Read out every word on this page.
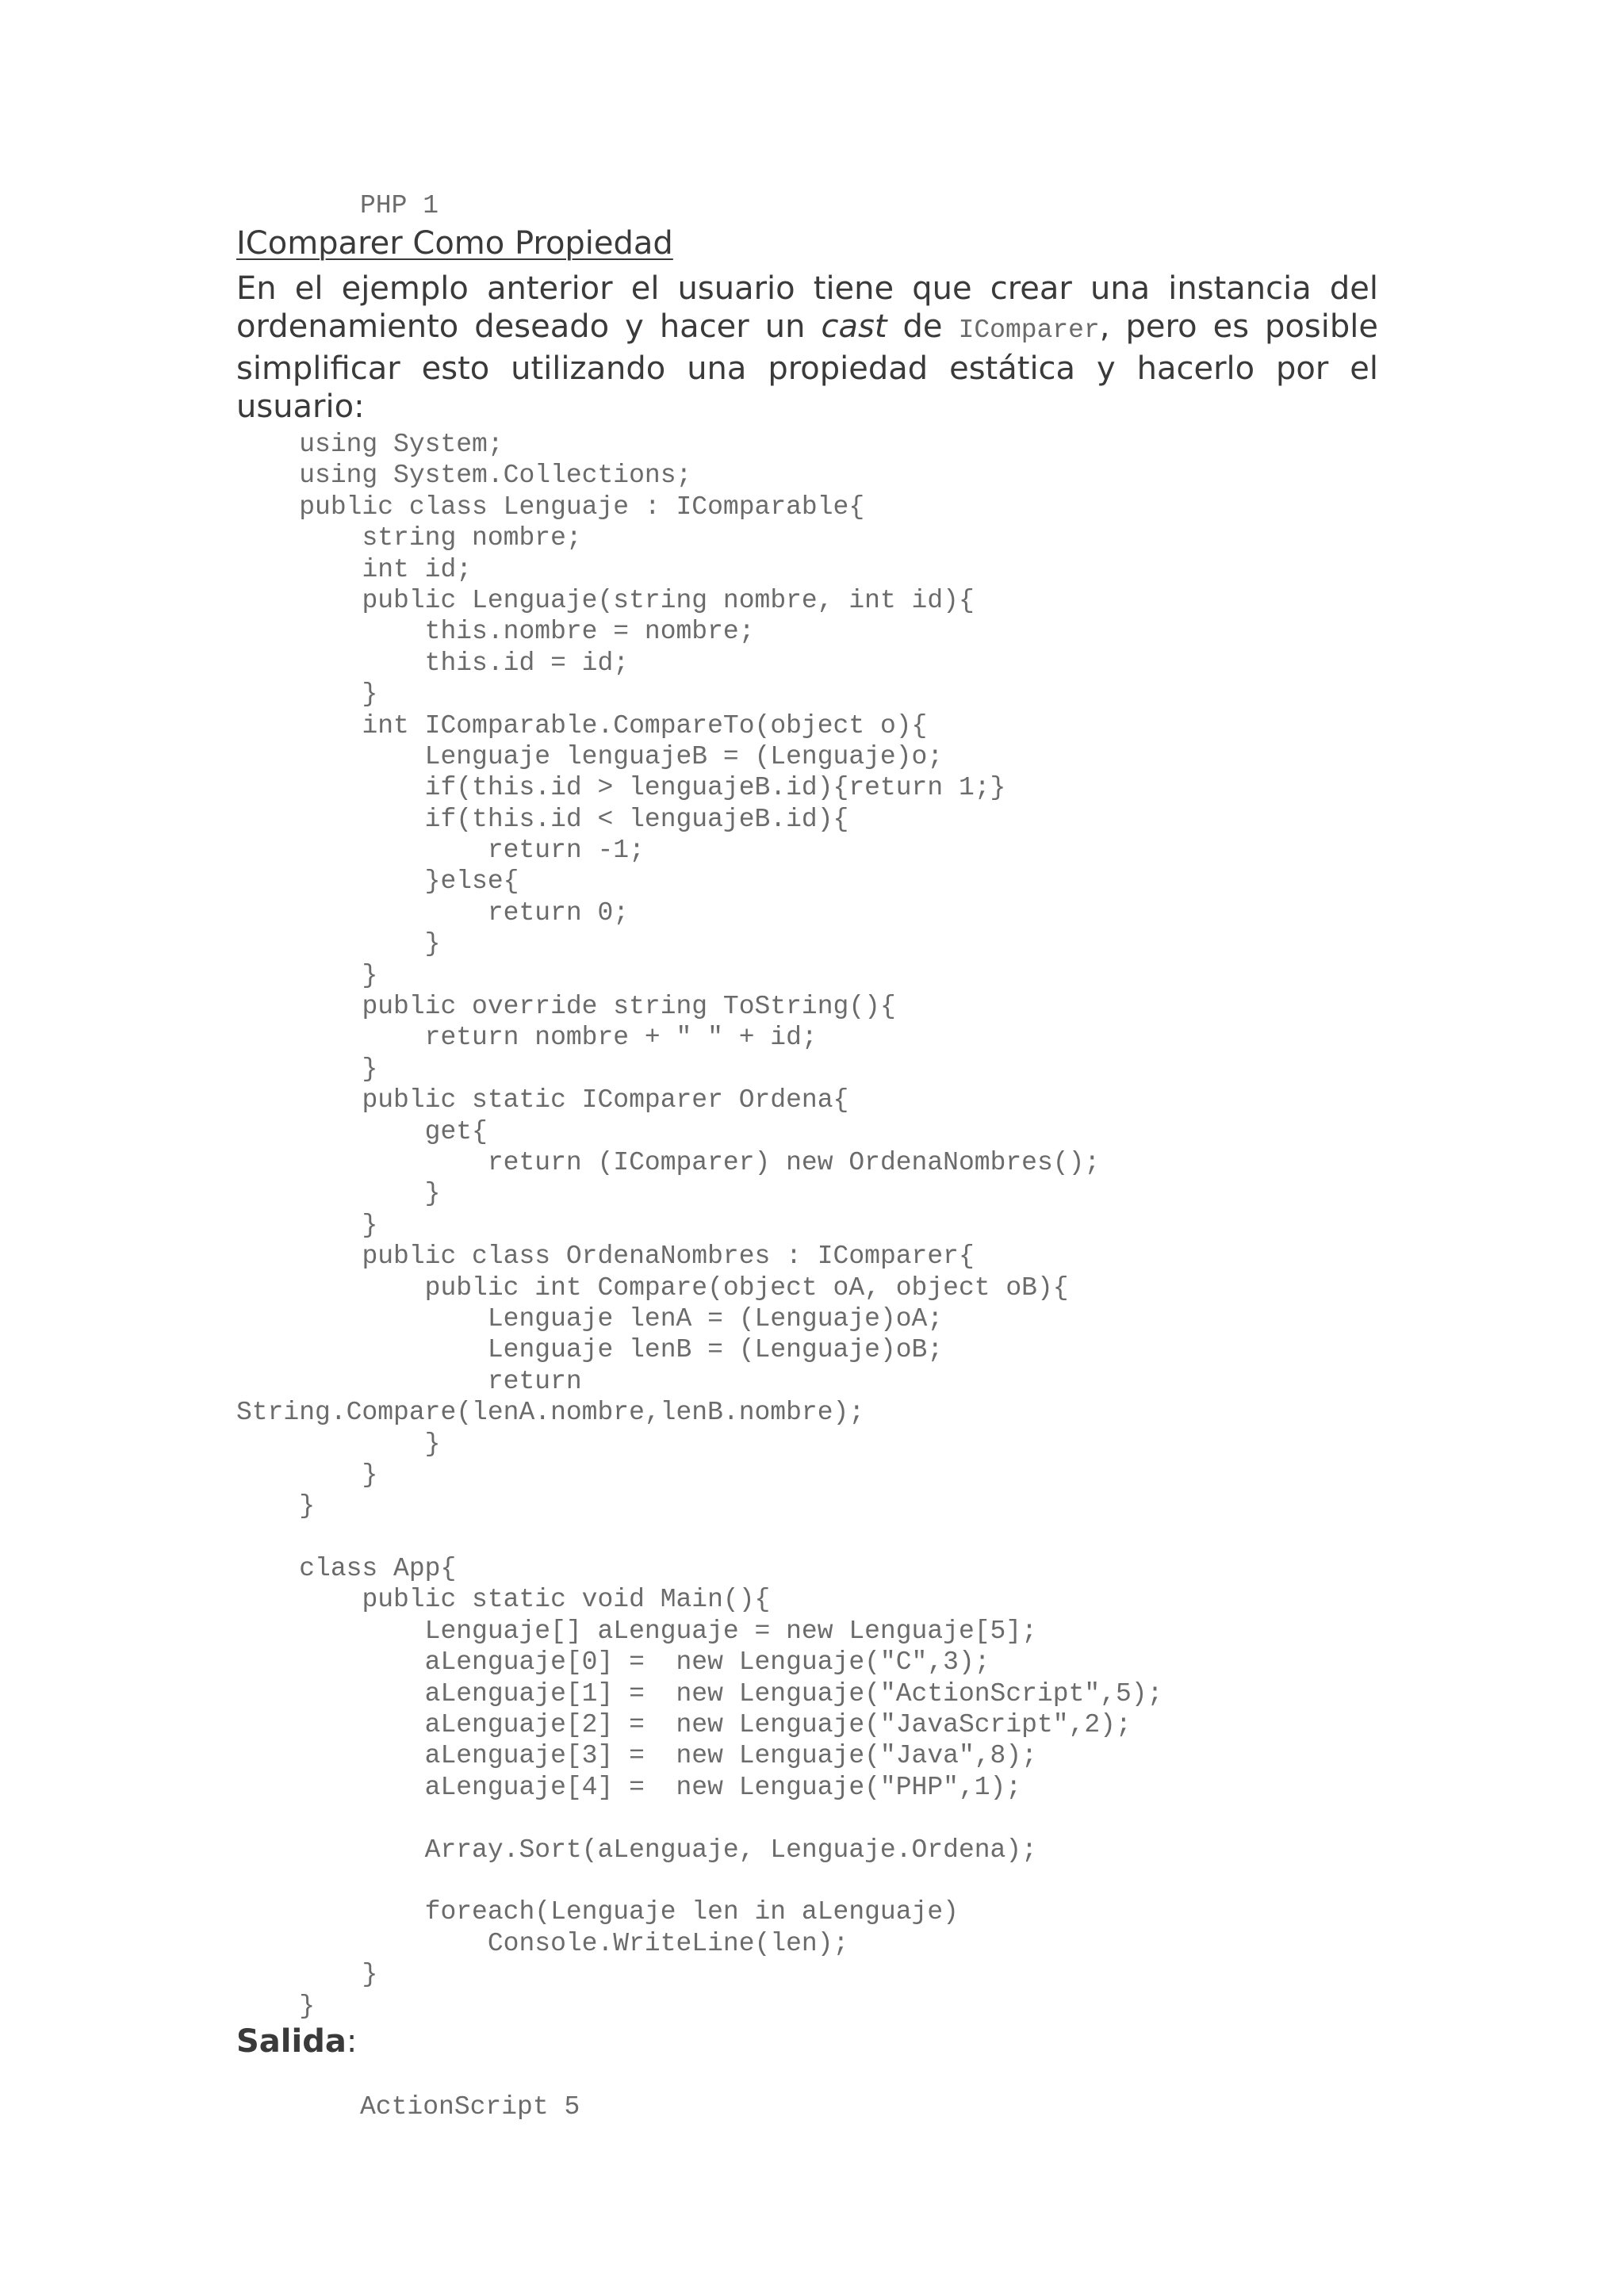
PHP 1
IComparer Como Propiedad
En el ejemplo anterior el usuario tiene que crear una instancia del ordenamiento deseado y hacer un cast de IComparer, pero es posible simplificar esto utilizando una propiedad estática y hacerlo por el usuario:
	using System;
	using System.Collections;
	public class Lenguaje : IComparable{
		string nombre;
		int id;
		public Lenguaje(string nombre, int id){
			this.nombre = nombre;
			this.id = id;
		}
		int IComparable.CompareTo(object o){
			Lenguaje lenguajeB = (Lenguaje)o;
			if(this.id > lenguajeB.id){return 1;}
			if(this.id < lenguajeB.id){
				return -1;
			}else{
				return 0;
			}
		}
		public override string ToString(){
			return nombre + " " + id;
		}
		public static IComparer Ordena{
			get{
				return (IComparer) new OrdenaNombres();
			}
		}
		public class OrdenaNombres : IComparer{
			public int Compare(object oA, object oB){
				Lenguaje lenA = (Lenguaje)oA;
				Lenguaje lenB = (Lenguaje)oB;
				return
String.Compare(lenA.nombre,lenB.nombre);
			}
		}
	}
	class App{
		public static void Main(){
			Lenguaje[] aLenguaje = new Lenguaje[5];
			aLenguaje[0] =  new Lenguaje("C",3);
			aLenguaje[1] =  new Lenguaje("ActionScript",5);
			aLenguaje[2] =  new Lenguaje("JavaScript",2);
			aLenguaje[3] =  new Lenguaje("Java",8);
			aLenguaje[4] =  new Lenguaje("PHP",1);
			Array.Sort(aLenguaje, Lenguaje.Ordena);
			foreach(Lenguaje len in aLenguaje)
				Console.WriteLine(len);
		}
	}
Salida:
ActionScript 5
